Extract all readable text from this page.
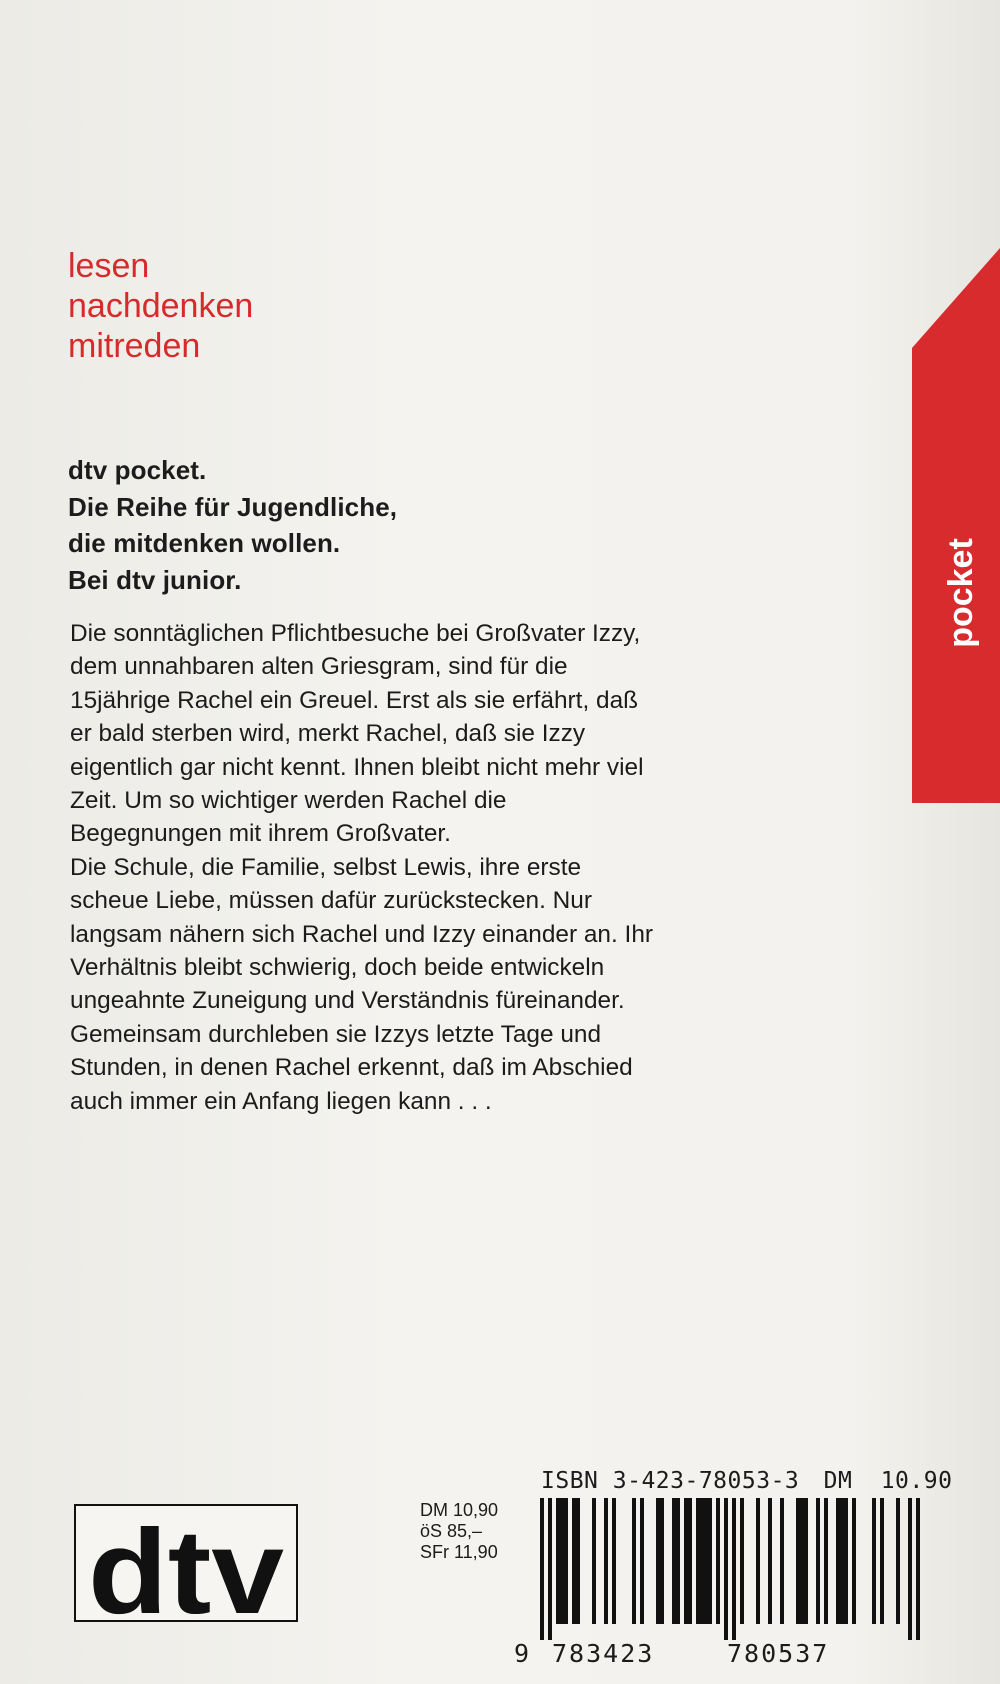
lesen
nachdenken
mitreden
dtv pocket.
Die Reihe für Jugendliche,
die mitdenken wollen.
Bei dtv junior.
Die sonntäglichen Pflichtbesuche bei Großvater Izzy,
dem unnahbaren alten Griesgram, sind für die
15jährige Rachel ein Greuel. Erst als sie erfährt, daß
er bald sterben wird, merkt Rachel, daß sie Izzy
eigentlich gar nicht kennt. Ihnen bleibt nicht mehr viel
Zeit. Um so wichtiger werden Rachel die
Begegnungen mit ihrem Großvater.
Die Schule, die Familie, selbst Lewis, ihre erste
scheue Liebe, müssen dafür zurückstecken. Nur
langsam nähern sich Rachel und Izzy einander an. Ihr
Verhältnis bleibt schwierig, doch beide entwickeln
ungeahnte Zuneigung und Verständnis füreinander.
Gemeinsam durchleben sie Izzys letzte Tage und
Stunden, in denen Rachel erkennt, daß im Abschied
auch immer ein Anfang liegen kann . . .
pocket
dtv	DM 10,90
öS 85,–
SFr 11,90
ISBN 3-423-78053-3 DM 10.90
9 783423	780537
